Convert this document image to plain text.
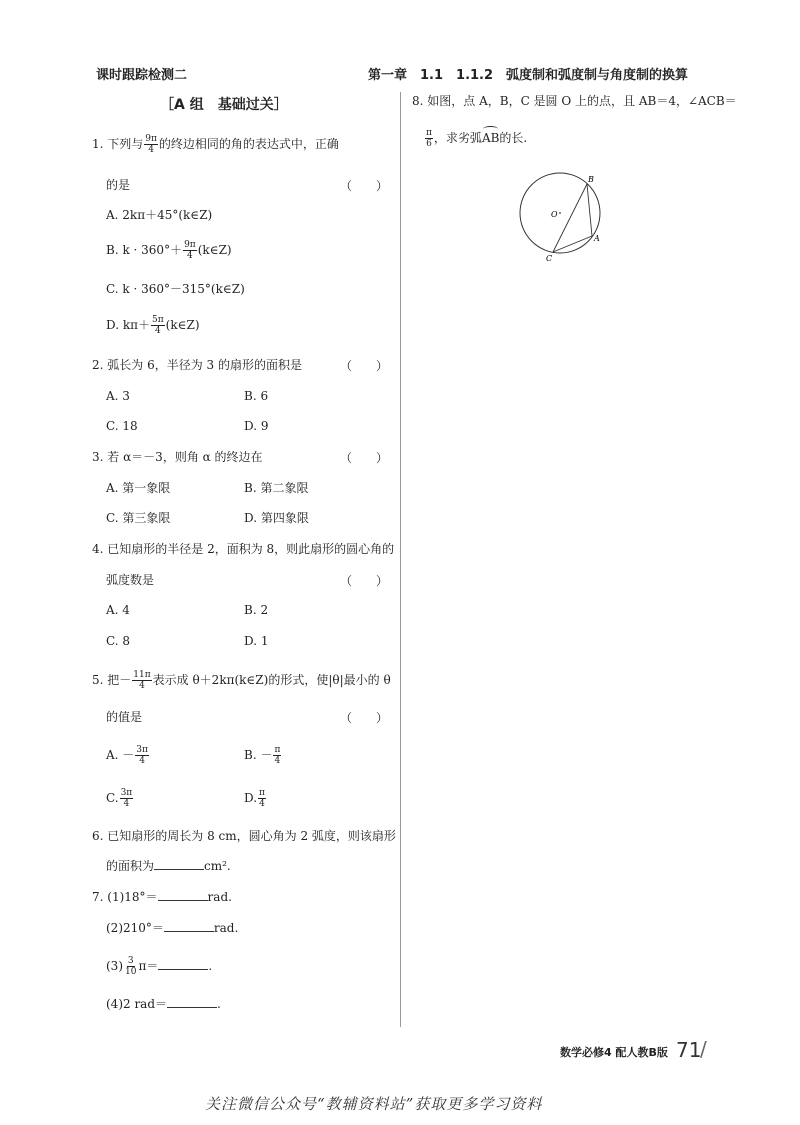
课时跟踪检测二	第一章　1.1　1.1.2　弧度制和弧度制与角度制的换算
［A 组　基础过关］
1. 下列与 $\frac{9\pi}{4}$ 的终边相同的角的表达式中，正确
的是	（　　）
A. 2kπ＋45°(k∈Z)
B. $k \cdot 360^\circ+ \frac{9\pi}{4}$ (k∈Z)
C. k · 360°－315°(k∈Z)
D. $k\pi+ \frac{5\pi}{4}$ (k∈Z)
2. 弧长为 6，半径为 3 的扇形的面积是	（　　）
A. 3	B. 6
C. 18	D. 9
3. 若 α＝－3，则角 α 的终边在	（　　）
A. 第一象限	B. 第二象限
C. 第三象限	D. 第四象限
4. 已知扇形的半径是 2，面积为 8，则此扇形的圆心角的
弧度数是	（　　）
A. 4	B. 2
C. 8	D. 1
5. 把－ $\frac{11\pi}{4}$ 表示成 θ＋2kπ(k∈Z)的形式，使|θ|最小的 θ
的值是	（　　）
A. － $\frac{3\pi}{4}$	B. － $\frac{\pi}{4}$
C. $\frac{3\pi}{4}$	D. $\frac{\pi}{4}$
6. 已知扇形的周长为 8 cm，圆心角为 2 弧度，则该扇形
的面积为	cm².
7. (1)18°＝	rad.
(2)210°＝	rad.
$(3) \frac{3}{10} \pi=$	.
(4)2 rad＝	.
8. 如图，点 A，B，C 是圆 O 上的点，且 AB＝4，∠ACB＝
$\frac{\pi}{6}$ ，求劣弧AB的长.
B
A
C
O
数学必修4 配人教B版 71
/
关注微信公众号“教辅资料站”获取更多学习资料
